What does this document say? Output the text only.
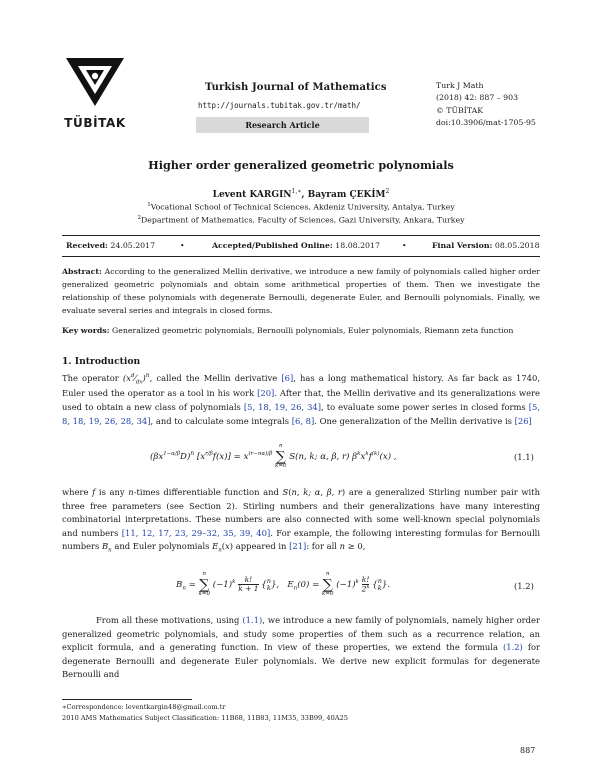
TÜBİTAK
Turkish Journal of Mathematics
http://journals.tubitak.gov.tr/math/
Research Article
Turk J Math
(2018) 42: 887 – 903
© TÜBİTAK
doi:10.3906/mat-1705-95
Higher order generalized geometric polynomials
Levent $KARGIN^{1,∗}$, Bayram ÇEKİM$^2$
$^1$Vocational School of Technical Sciences, Akdeniz University, Antalya, Turkey
$^2$Department of Mathematics, Faculty of Sciences, Gazi University, Ankara, Turkey
Received: 24.05.2017	•	Accepted/Published Online: 18.08.2017	•	Final Version: 08.05.2018

Abstract: According to the generalized Mellin derivative, we introduce a new family of polynomials called higher order generalized geometric polynomials and obtain some arithmetical properties of them. Then we investigate the relationship of these polynomials with degenerate Bernoulli, degenerate Euler, and Bernoulli polynomials. Finally, we evaluate several series and integrals in closed forms.

Key words: Generalized geometric polynomials, Bernoulli polynomials, Euler polynomials, Riemann zeta function

1. Introduction

The operator $(x^d⁄_{dx})^n$, called the Mellin derivative [6], has a long mathematical history. As far back as 1740, Euler used the operator as a tool in his work [20]. After that, the Mellin derivative and its generalizations were used to obtain a new class of polynomials [5, 18, 19, 26, 34], to evaluate some power series in closed forms [5, 8, 18, 19, 26, 28, 34], and to calculate some integrals [6, 8]. One generalization of the Mellin derivative is [26]

$(\beta x^{1-\alpha/\beta}D)^n$ $[x^{r/\beta}f(x)] = x^{(r-n\alpha)/\beta}$
n
∑
k=0
S(n, k; α, β, r) $\beta^kx^kf^{(k)}(x)$ ,	(1.1)

where f is any n-times differentiable function and S(n, k; α, β, r) are a generalized Stirling number pair with three free parameters (see Section 2). Stirling numbers and their generalizations have many interesting combinatorial interpretations. These numbers are also connected with some well-known special polynomials and numbers [11, 12, 17, 23, 29–32, 35, 39, 40]. For example, the following interesting formulas for Bernoulli numbers $B_n$ and Euler polynomials $E_n(x)$ appeared in [21]: for all n ≥ 0,

$B_n$ =
n
∑
k=0
$(-1)^k \frac{k!}{k + 1}$ { n
k },   $E_n(0)$ =
n
∑
k=0
$(-1)^k \frac{k!}{2^k}$ { n
k }.	(1.2)

From all these motivations, using (1.1), we introduce a new family of polynomials, namely higher order generalized geometric polynomials, and study some properties of them such as a recurrence relation, an explicit formula, and a generating function. In view of these properties, we extend the formula (1.2) for degenerate Bernoulli and degenerate Euler polynomials. We derive new explicit formulas for degenerate Bernoulli and

∗Correspondence: leventkargin48@gmail.com.tr
2010 AMS Mathematics Subject Classification: 11B68, 11B83, 11M35, 33B99, 40A25
887
